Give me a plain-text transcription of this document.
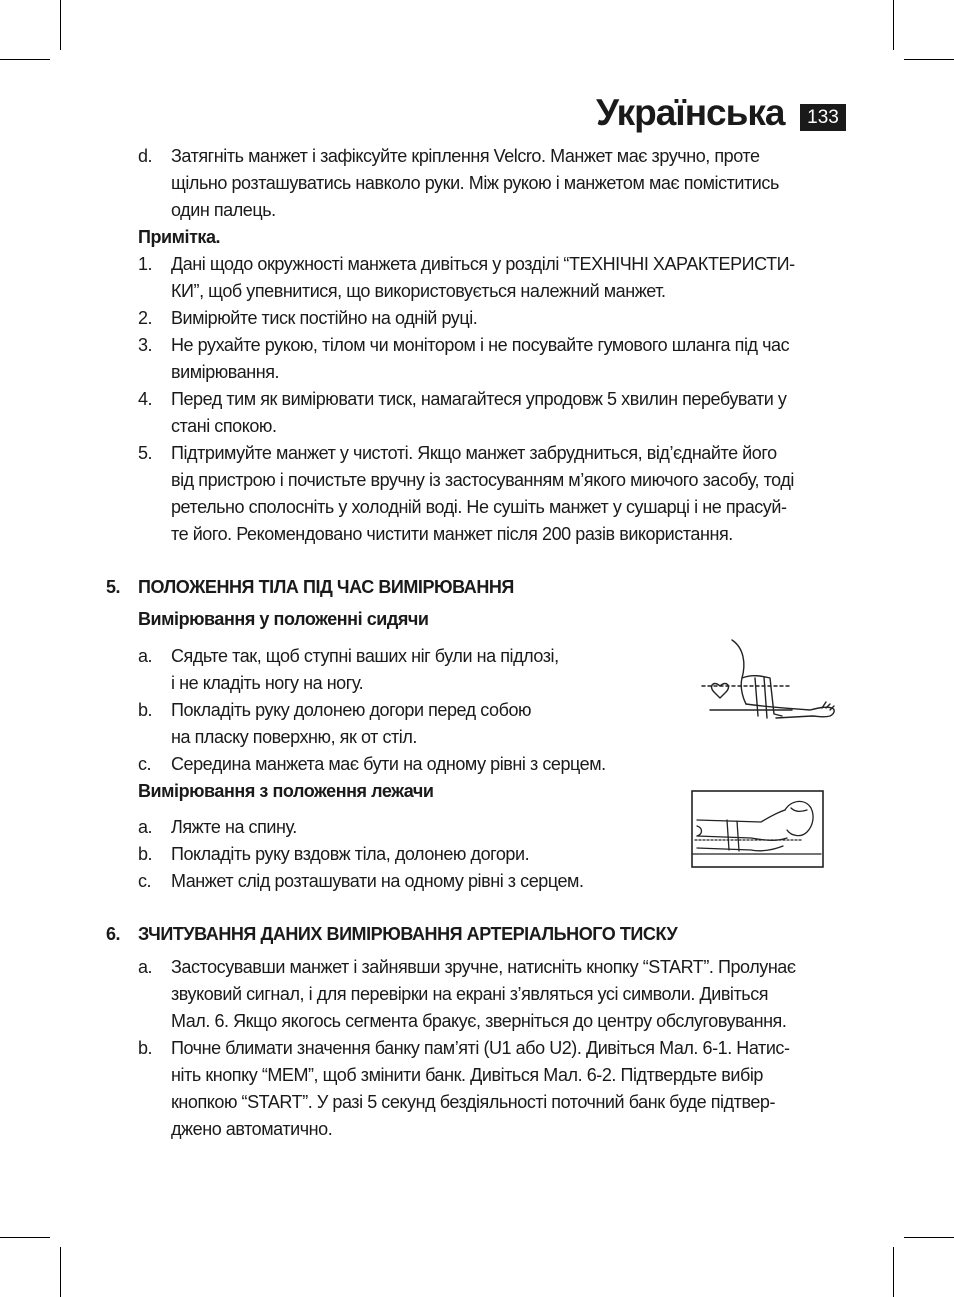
Українська	133
d. Затягніть манжет і зафіксуйте кріплення Velcro. Манжет має зручно, проте
щільно розташуватись навколо руки. Між рукою і манжетом має поміститись
один палець.
Примітка.
1. Дані щодо окружності манжета дивіться у розділі “ТЕХНІЧНІ ХАРАКТЕРИСТИ-
КИ”, щоб упевнитися, що використовується належний манжет.
2. Вимірюйте тиск постійно на одній руці.
3. Не рухайте рукою, тілом чи монітором і не посувайте гумового шланга під час
вимірювання.
4. Перед тим як вимірювати тиск, намагайтеся упродовж 5 хвилин перебувати у
стані спокою.
5. Підтримуйте манжет у чистоті. Якщо манжет забрудниться, від’єднайте його
від пристрою і почистьте вручну із застосуванням м’якого миючого засобу, тоді
ретельно сполосніть у холодній воді. Не сушіть манжет у сушарці і не прасуй-
те його. Рекомендовано чистити манжет після 200 разів використання.
5. ПОЛОЖЕННЯ ТІЛА ПІД ЧАС ВИМІРЮВАННЯ
Вимірювання у положенні сидячи
a. Сядьте так, щоб ступні ваших ніг були на підлозі,
і не кладіть ногу на ногу.
b. Покладіть руку долонею догори перед собою
на пласку поверхню, як от стіл.
c. Середина манжета має бути на одному рівні з серцем.
Вимірювання з положення лежачи
a. Ляжте на спину.
b. Покладіть руку вздовж тіла, долонею догори.
c. Манжет слід розташувати на одному рівні з серцем.
6. ЗЧИТУВАННЯ ДАНИХ ВИМІРЮВАННЯ АРТЕРІАЛЬНОГО ТИСКУ
a. Застосувавши манжет і зайнявши зручне, натисніть кнопку “START”. Пролунає
звуковий сигнал, і для перевірки на екрані з’являться усі символи. Дивіться
Мал. 6. Якщо якогось сегмента бракує, зверніться до центру обслуговування.
b. Почне блимати значення банку пам’яті (U1 або U2). Дивіться Мал. 6-1. Натис-
ніть кнопку “MEM”, щоб змінити банк. Дивіться Мал. 6-2. Підтвердьте вибір
кнопкою “START”. У разі 5 секунд бездіяльності поточний банк буде підтвер-
джено автоматично.
